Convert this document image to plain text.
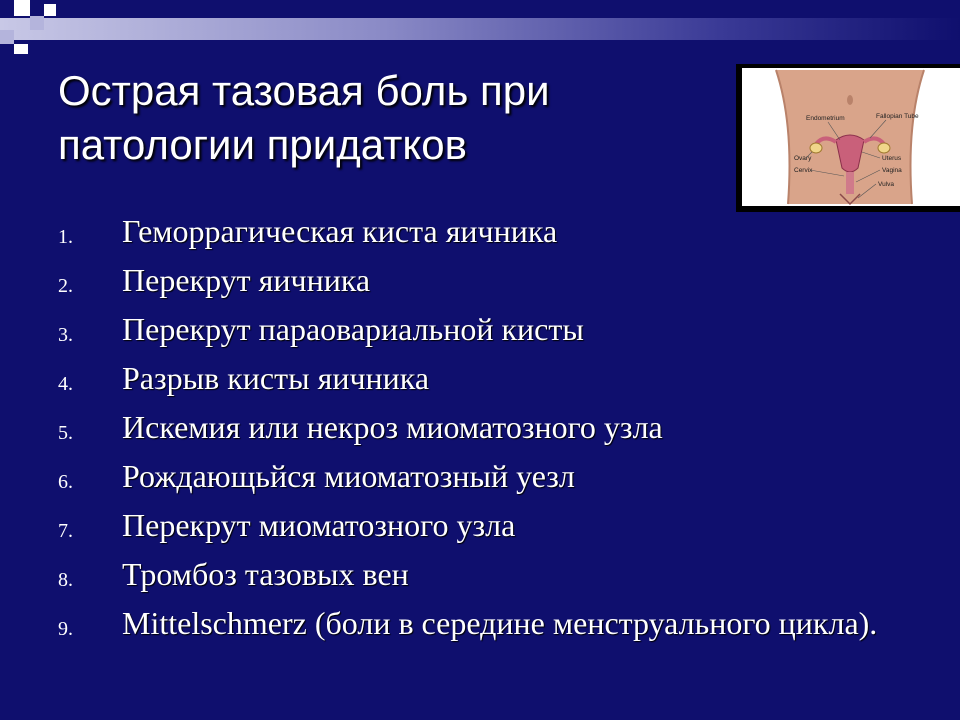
Острая тазовая боль при патологии придатков
Endometrium	Fallopian Tube
Uterus
Ovary
Cervix	Vagina
Vulva
1. Геморрагическая киста яичника
2. Перекрут яичника
3. Перекрут параовариальной кисты
4. Разрыв кисты яичника
5. Искемия или некроз миоматозного узла
6. Рождающьйся миоматозный уезл
7. Перекрут миоматозного узла
8. Тромбоз тазовых вен
9. Mittelschmerz (боли в середине менструального цикла).
